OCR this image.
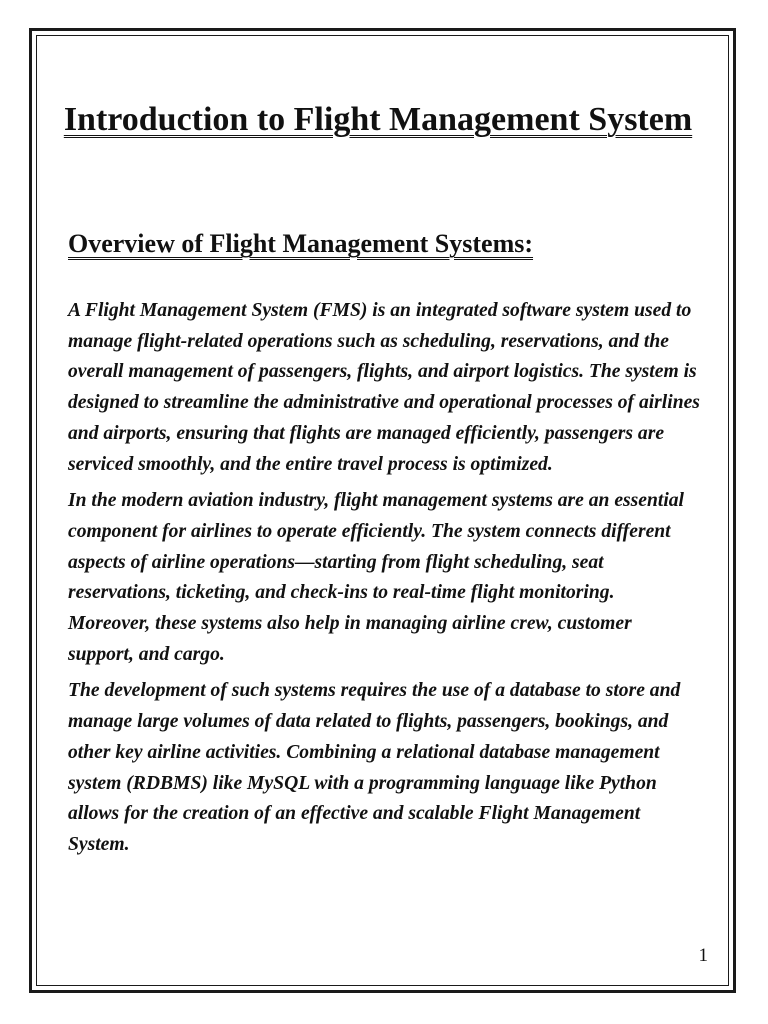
Introduction to Flight Management System
Overview of Flight Management Systems:

A Flight Management System (FMS) is an integrated software system used to manage flight-related operations such as scheduling, reservations, and the overall management of passengers, flights, and airport logistics. The system is designed to streamline the administrative and operational processes of airlines and airports, ensuring that flights are managed efficiently, passengers are serviced smoothly, and the entire travel process is optimized.

In the modern aviation industry, flight management systems are an essential component for airlines to operate efficiently. The system connects different aspects of airline operations—starting from flight scheduling, seat reservations, ticketing, and check-ins to real-time flight monitoring. Moreover, these systems also help in managing airline crew, customer support, and cargo.

The development of such systems requires the use of a database to store and manage large volumes of data related to flights, passengers, bookings, and other key airline activities. Combining a relational database management system (RDBMS) like MySQL with a programming language like Python allows for the creation of an effective and scalable Flight Management System.

1
